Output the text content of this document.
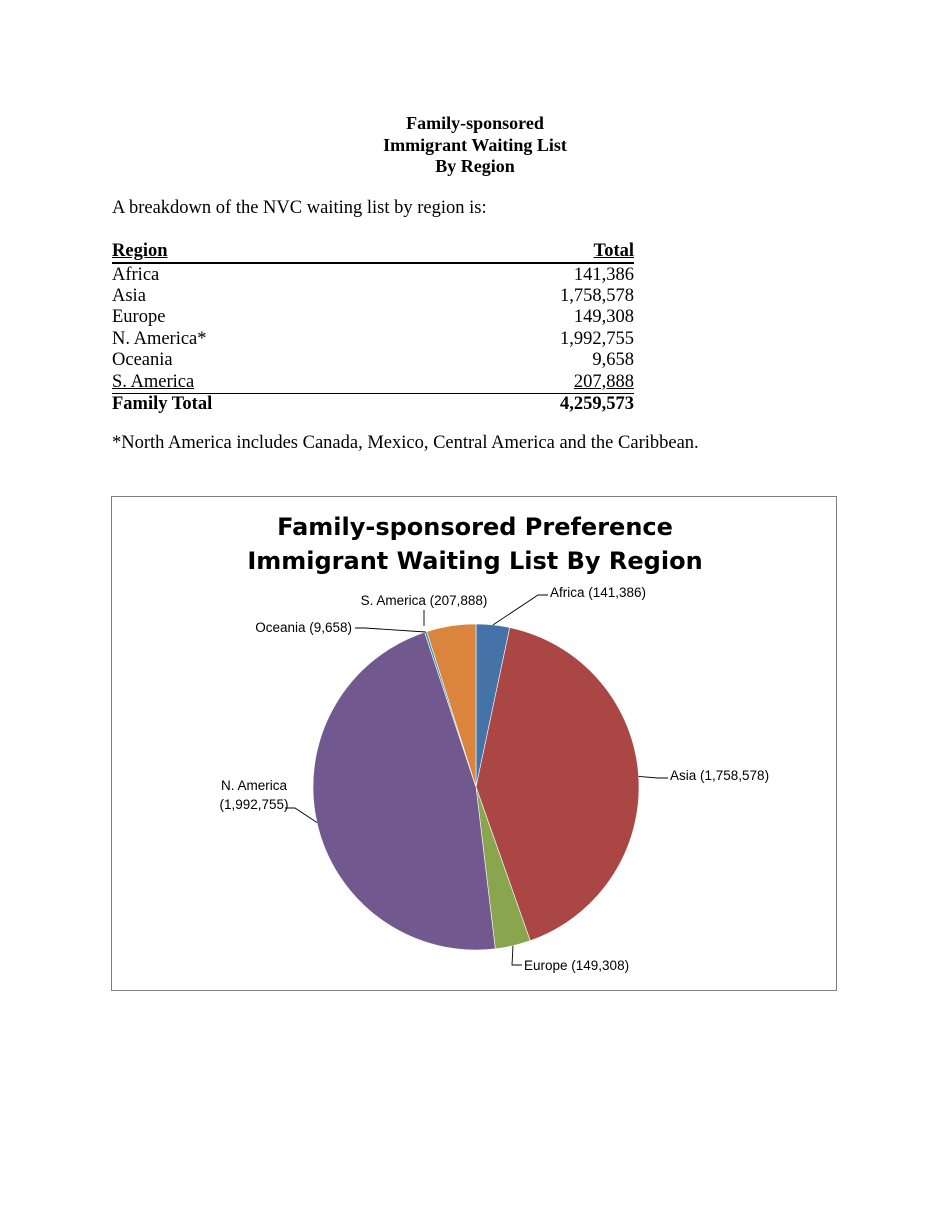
Family-sponsored
Immigrant Waiting List
By Region
A breakdown of the NVC waiting list by region is:
Region	Total
Africa	141,386
Asia	1,758,578
Europe	149,308
N. America*	1,992,755
Oceania	9,658
S. America	207,888
Family Total	4,259,573
*North America includes Canada, Mexico, Central America and the Caribbean.
Family-sponsored Preference
Immigrant Waiting List By Region
Africa (141,386)
Asia (1,758,578)
Europe (149,308)
N. America (1,992,755)
Oceania (9,658)
S. America (207,888)
